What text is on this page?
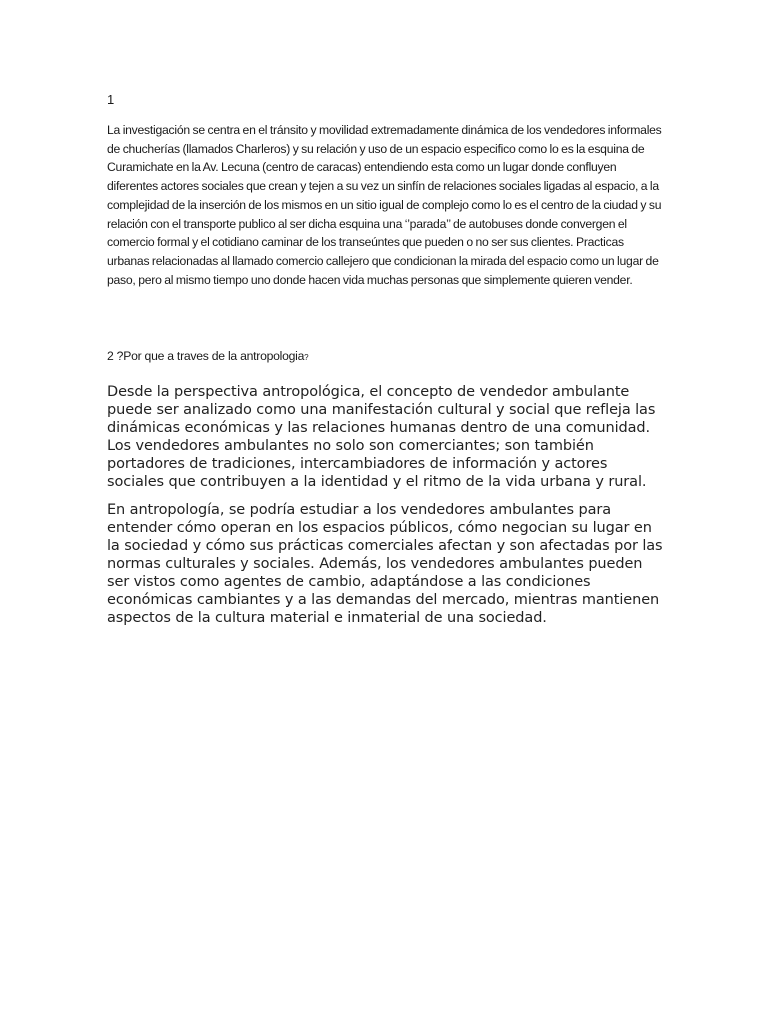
1

La investigación se centra en el tránsito y movilidad extremadamente dinámica de los vendedores informales de chucherías (llamados Charleros) y su relación y uso de un espacio especifico como lo es la esquina de Curamichate en la Av. Lecuna (centro de caracas) entendiendo esta como un lugar donde confluyen diferentes actores sociales que crean y tejen a su vez un sinfín de relaciones sociales ligadas al espacio, a la complejidad de la inserción de los mismos en un sitio igual de complejo como lo es el centro de la ciudad y su relación con el transporte publico al ser dicha esquina una ‘’parada’’ de autobuses donde convergen el comercio formal y el cotidiano caminar de los transeúntes que pueden o no ser sus clientes. Practicas urbanas relacionadas al llamado comercio callejero que condicionan la mirada del espacio como un lugar de paso, pero al mismo tiempo uno donde hacen vida muchas personas que simplemente quieren vender.

2 ?Por que a traves de la antropologia?

Desde la perspectiva antropológica, el concepto de vendedor ambulante puede ser analizado como una manifestación cultural y social que refleja las dinámicas económicas y las relaciones humanas dentro de una comunidad. Los vendedores ambulantes no solo son comerciantes; son también portadores de tradiciones, intercambiadores de información y actores sociales que contribuyen a la identidad y el ritmo de la vida urbana y rural.

En antropología, se podría estudiar a los vendedores ambulantes para entender cómo operan en los espacios públicos, cómo negocian su lugar en la sociedad y cómo sus prácticas comerciales afectan y son afectadas por las normas culturales y sociales. Además, los vendedores ambulantes pueden ser vistos como agentes de cambio, adaptándose a las condiciones económicas cambiantes y a las demandas del mercado, mientras mantienen aspectos de la cultura material e inmaterial de una sociedad.
